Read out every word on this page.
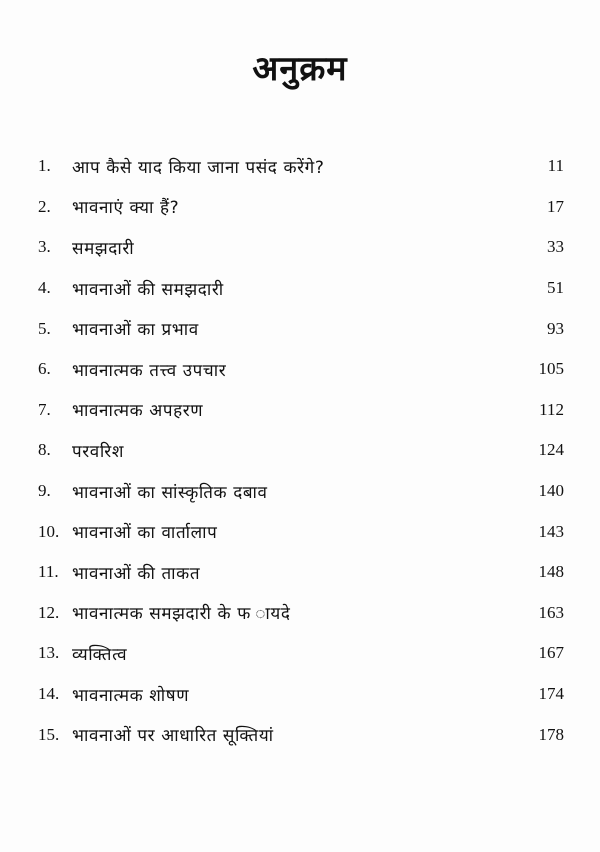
अनुक्रम
1.	आप कैसे याद किया जाना पसंद करेंगे?	11
2.	भावनाएं क्या हैं?	17
3.	समझदारी	33
4.	भावनाओं की समझदारी	51
5.	भावनाओं का प्रभाव	93
6.	भावनात्मक तत्त्व उपचार	105
7.	भावनात्मक अपहरण	112
8.	परवरिश	124
9.	भावनाओं का सांस्कृतिक दबाव	140
10. भावनाओं का वार्तालाप	143
11. भावनाओं की ताकत	148
12. भावनात्मक समझदारी के फ ायदे	163
13. व्यक्तित्व	167
14. भावनात्मक शोषण	174
15. भावनाओं पर आधारित सूक्तियां	178
